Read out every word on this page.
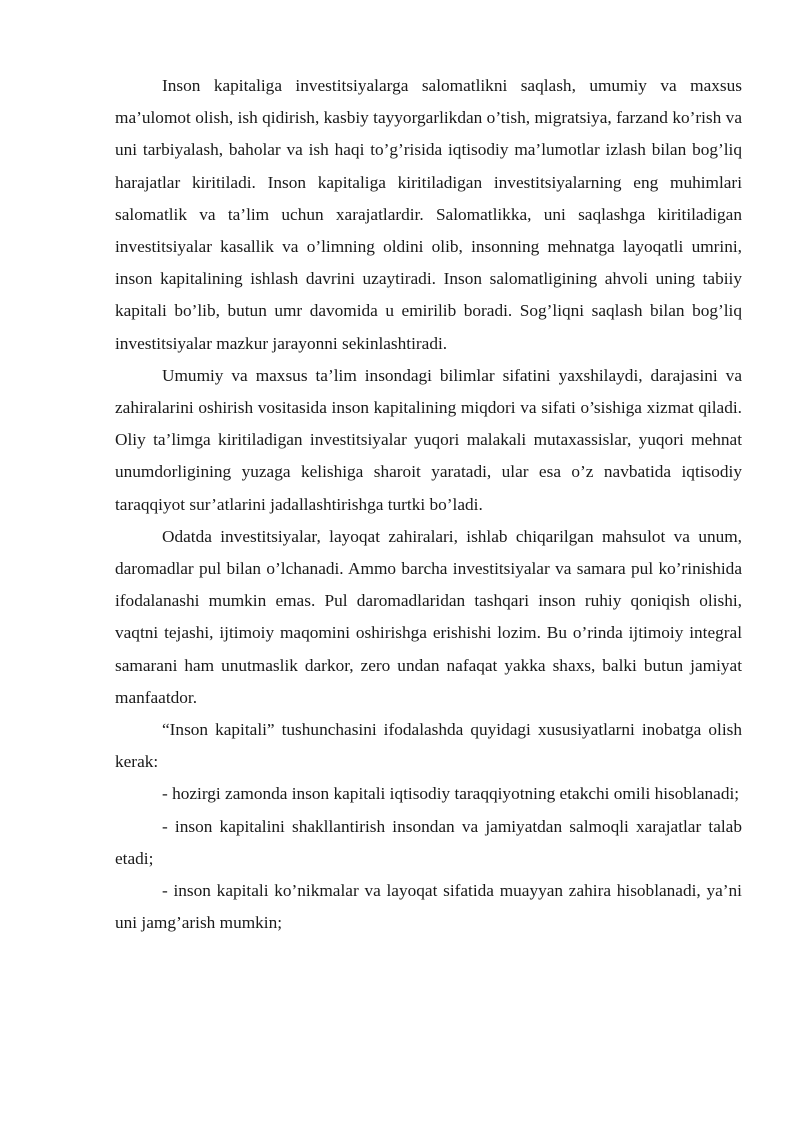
Inson kapitaliga investitsiyalarga salomatlikni saqlash, umumiy va maxsus ma’ulomot olish, ish qidirish, kasbiy tayyorgarlikdan o’tish, migratsiya, farzand ko’rish va uni tarbiyalash, baholar va ish haqi to’g’risida iqtisodiy ma’lumotlar izlash bilan bog’liq harajatlar kiritiladi. Inson kapitaliga kiritiladigan investitsiyalarning eng muhimlari salomatlik va ta’lim uchun xarajatlardir. Salomatlikka, uni saqlashga kiritiladigan investitsiyalar kasallik va o’limning oldini olib, insonning mehnatga layoqatli umrini, inson kapitalining ishlash davrini uzaytiradi. Inson salomatligining ahvoli uning tabiiy kapitali bo’lib, butun umr davomida u emirilib boradi. Sog’liqni saqlash bilan bog’liq investitsiyalar mazkur jarayonni sekinlashtiradi.

Umumiy va maxsus ta’lim insondagi bilimlar sifatini yaxshilaydi, darajasini va zahiralarini oshirish vositasida inson kapitalining miqdori va sifati o’sishiga xizmat qiladi. Oliy ta’limga kiritiladigan investitsiyalar yuqori malakali mutaxassislar, yuqori mehnat unumdorligining yuzaga kelishiga sharoit yaratadi, ular esa o’z navbatida iqtisodiy taraqqiyot sur’atlarini jadallashtirishga turtki bo’ladi.

Odatda investitsiyalar, layoqat zahiralari, ishlab chiqarilgan mahsulot va unum, daromadlar pul bilan o’lchanadi. Ammo barcha investitsiyalar va samara pul ko’rinishida ifodalanashi mumkin emas. Pul daromadlaridan tashqari inson ruhiy qoniqish olishi, vaqtni tejashi, ijtimoiy maqomini oshirishga erishishi lozim. Bu o’rinda ijtimoiy integral samarani ham unutmaslik darkor, zero undan nafaqat yakka shaxs, balki butun jamiyat manfaatdor.

“Inson kapitali” tushunchasini ifodalashda quyidagi xususiyatlarni inobatga olish kerak:

- hozirgi zamonda inson kapitali iqtisodiy taraqqiyotning etakchi omili hisoblanadi;

- inson kapitalini shakllantirish insondan va jamiyatdan salmoqli xarajatlar talab etadi;

- inson kapitali ko’nikmalar va layoqat sifatida muayyan zahira hisoblanadi, ya’ni uni jamg’arish mumkin;
